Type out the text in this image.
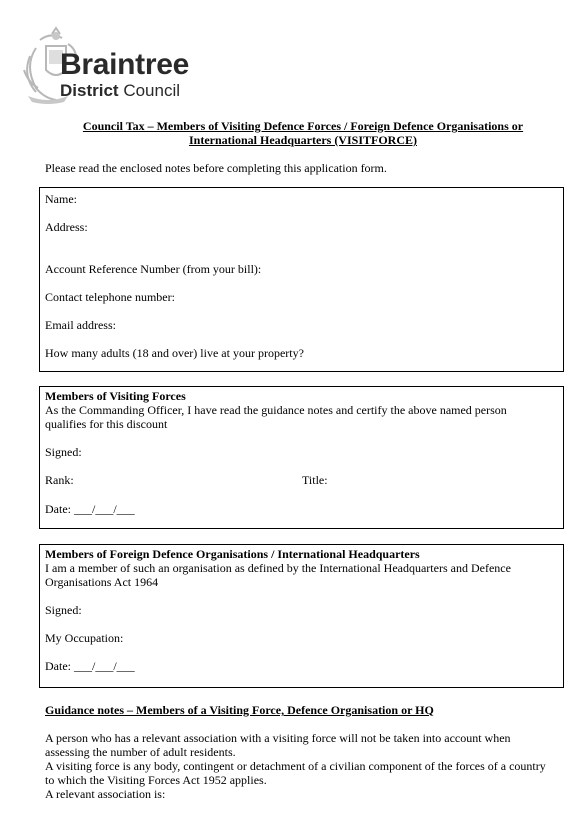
Braintree
District Council
Council Tax – Members of Visiting Defence Forces / Foreign Defence Organisations or
International Headquarters (VISITFORCE)
Please read the enclosed notes before completing this application form.
Name:
Address:
Account Reference Number (from your bill):
Contact telephone number:
Email address:
How many adults (18 and over) live at your property?
Members of Visiting Forces
As the Commanding Officer, I have read the guidance notes and certify the above named person
qualifies for this discount
Signed:
Rank:	Title:
Date: ___/___/___
Members of Foreign Defence Organisations / International Headquarters
I am a member of such an organisation as defined by the International Headquarters and Defence
Organisations Act 1964
Signed:
My Occupation:
Date: ___/___/___
Guidance notes – Members of a Visiting Force, Defence Organisation or HQ
A person who has a relevant association with a visiting force will not be taken into account when
assessing the number of adult residents.
A visiting force is any body, contingent or detachment of a civilian component of the forces of a country
to which the Visiting Forces Act 1952 applies.
A relevant association is:
